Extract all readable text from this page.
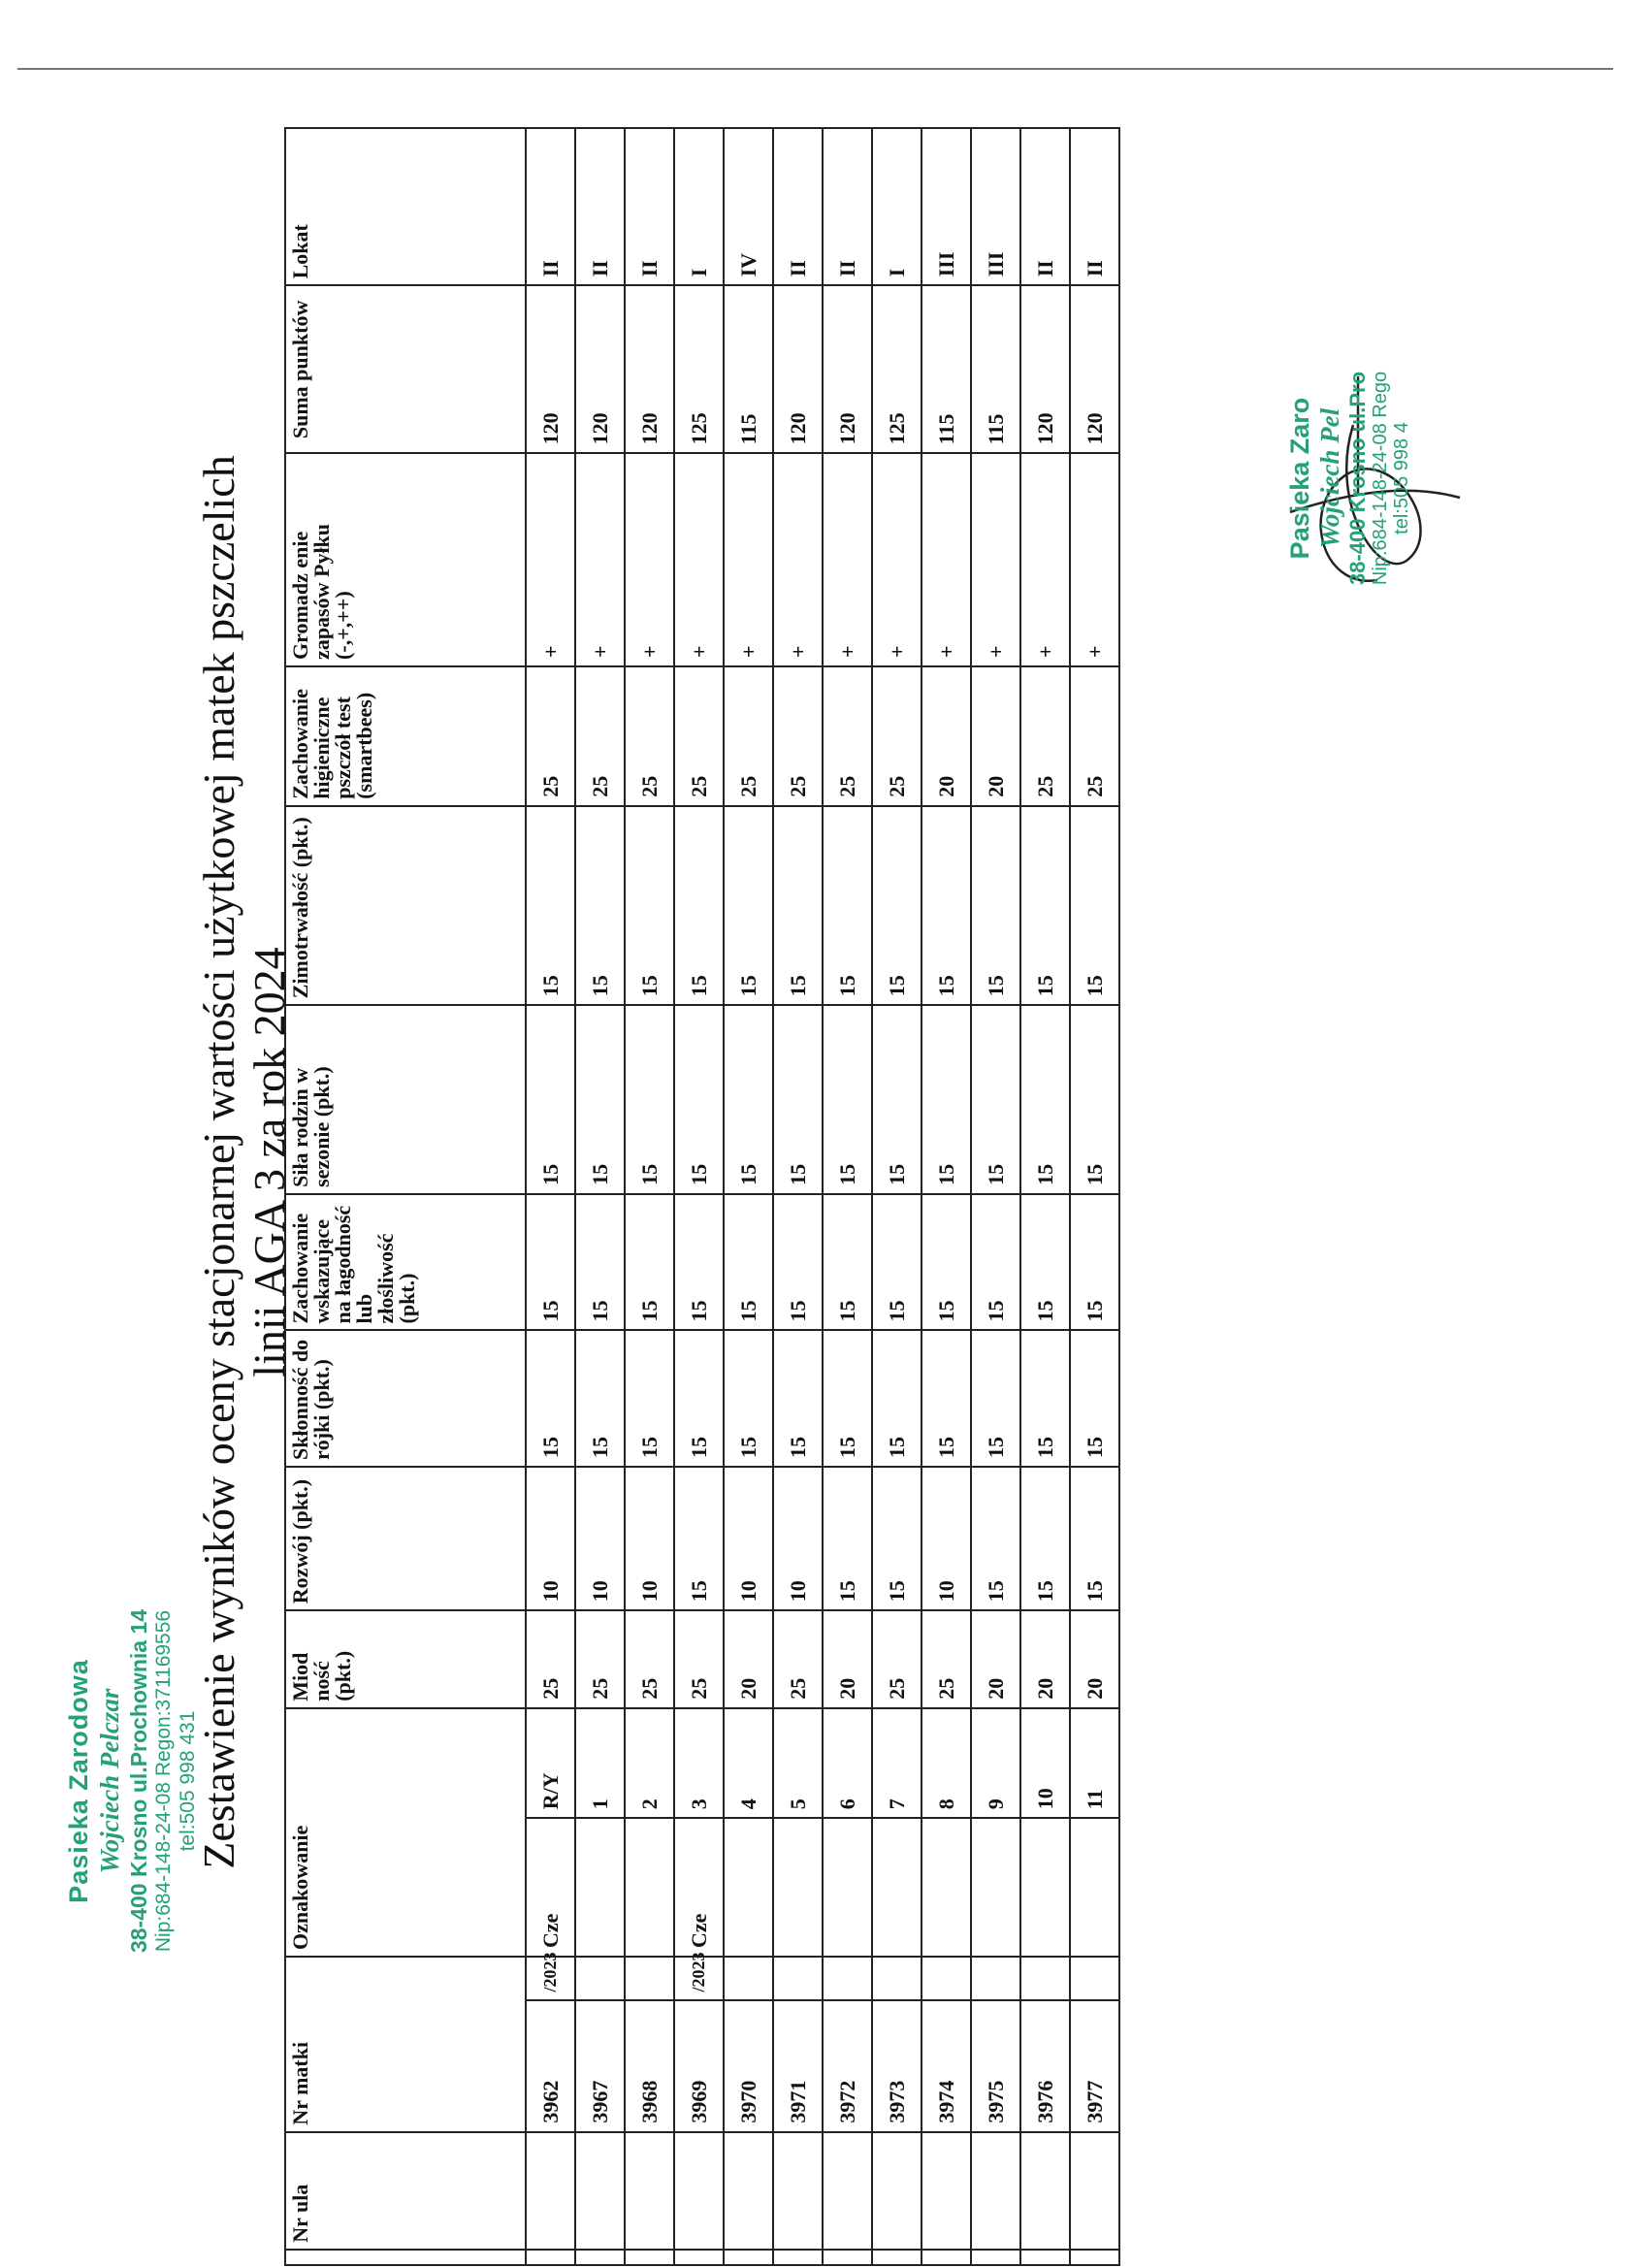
Pasieka Zarodowa Wojciech Pelczar 38-400 Krosno ul.Prochownia 14 Nip:684-148-24-08 Regon:371169556 tel:505 998 431
Zestawienie wyników oceny stacjonarnej wartości użytkowej matek pszczelich linii AGA 3 za rok 2024
	Nr ula	Nr matki		Oznakowanie		Miod ność (pkt.)	Rozwój (pkt.)	Skłonność do rójki (pkt.)	Zachowanie wskazujące na łagodność lub złośliwość (pkt.)	Siła rodzin w sezonie (pkt.)	Zimotrwałość (pkt.)	Zachowanie higieniczne pszczół test (smartbees)	Gromadz enie zapasów Pyłku (-,+,++)	Suma punktów	Lokat
		3962	/2023	Cze	R/Y	25	10	15	15	15	15	25	+	120	II
		3967			1	25	10	15	15	15	15	25	+	120	II
		3968			2	25	10	15	15	15	15	25	+	120	II
		3969	/2023	Cze	3	25	15	15	15	15	15	25	+	125	I
		3970			4	20	10	15	15	15	15	25	+	115	IV
		3971			5	25	10	15	15	15	15	25	+	120	II
		3972			6	20	15	15	15	15	15	25	+	120	II
		3973			7	25	15	15	15	15	15	25	+	125	I
		3974			8	25	10	15	15	15	15	20	+	115	III
		3975			9	20	15	15	15	15	15	20	+	115	III
		3976			10	20	15	15	15	15	15	25	+	120	II
		3977			11	20	15	15	15	15	15	25	+	120	II
Pasieka Zaro Wojciech Pel 38-400 Krosno ul.Pro Nip:684-148-24-08 Rego tel:505 998 4
